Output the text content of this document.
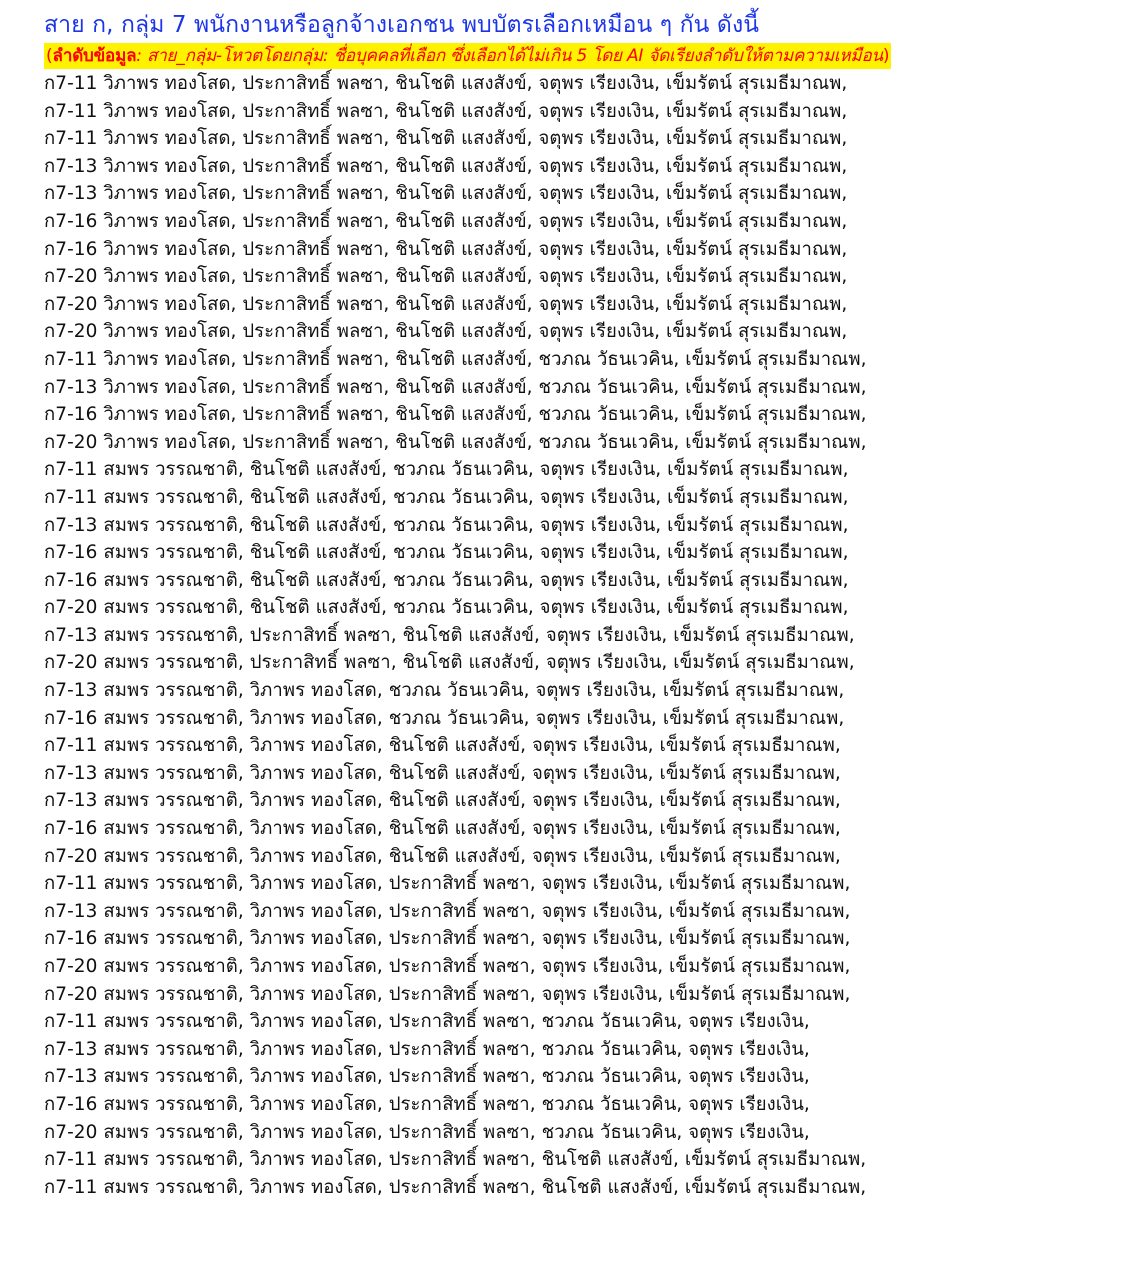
สาย ก, กลุ่ม 7 พนักงานหรือลูกจ้างเอกชน พบบัตรเลือกเหมือน ๆ กัน ดังนี้
(ลำดับข้อมูล: สาย_กลุ่ม-โหวตโดยกลุ่ม: ชื่อบุคคลที่เลือก ซึ่งเลือกได้ไม่เกิน 5 โดย AI จัดเรียงลำดับให้ตามความเหมือน)
ก7-11 วิภาพร ทองโสด, ประกาสิทธิ์ พลซา, ชินโชติ แสงสังข์, จตุพร เรียงเงิน, เข็มรัตน์ สุรเมธีมาณพ,
ก7-11 วิภาพร ทองโสด, ประกาสิทธิ์ พลซา, ชินโชติ แสงสังข์, จตุพร เรียงเงิน, เข็มรัตน์ สุรเมธีมาณพ,
ก7-11 วิภาพร ทองโสด, ประกาสิทธิ์ พลซา, ชินโชติ แสงสังข์, จตุพร เรียงเงิน, เข็มรัตน์ สุรเมธีมาณพ,
ก7-13 วิภาพร ทองโสด, ประกาสิทธิ์ พลซา, ชินโชติ แสงสังข์, จตุพร เรียงเงิน, เข็มรัตน์ สุรเมธีมาณพ,
ก7-13 วิภาพร ทองโสด, ประกาสิทธิ์ พลซา, ชินโชติ แสงสังข์, จตุพร เรียงเงิน, เข็มรัตน์ สุรเมธีมาณพ,
ก7-16 วิภาพร ทองโสด, ประกาสิทธิ์ พลซา, ชินโชติ แสงสังข์, จตุพร เรียงเงิน, เข็มรัตน์ สุรเมธีมาณพ,
ก7-16 วิภาพร ทองโสด, ประกาสิทธิ์ พลซา, ชินโชติ แสงสังข์, จตุพร เรียงเงิน, เข็มรัตน์ สุรเมธีมาณพ,
ก7-20 วิภาพร ทองโสด, ประกาสิทธิ์ พลซา, ชินโชติ แสงสังข์, จตุพร เรียงเงิน, เข็มรัตน์ สุรเมธีมาณพ,
ก7-20 วิภาพร ทองโสด, ประกาสิทธิ์ พลซา, ชินโชติ แสงสังข์, จตุพร เรียงเงิน, เข็มรัตน์ สุรเมธีมาณพ,
ก7-20 วิภาพร ทองโสด, ประกาสิทธิ์ พลซา, ชินโชติ แสงสังข์, จตุพร เรียงเงิน, เข็มรัตน์ สุรเมธีมาณพ,
ก7-11 วิภาพร ทองโสด, ประกาสิทธิ์ พลซา, ชินโชติ แสงสังข์, ชวภณ วัธนเวคิน, เข็มรัตน์ สุรเมธีมาณพ,
ก7-13 วิภาพร ทองโสด, ประกาสิทธิ์ พลซา, ชินโชติ แสงสังข์, ชวภณ วัธนเวคิน, เข็มรัตน์ สุรเมธีมาณพ,
ก7-16 วิภาพร ทองโสด, ประกาสิทธิ์ พลซา, ชินโชติ แสงสังข์, ชวภณ วัธนเวคิน, เข็มรัตน์ สุรเมธีมาณพ,
ก7-20 วิภาพร ทองโสด, ประกาสิทธิ์ พลซา, ชินโชติ แสงสังข์, ชวภณ วัธนเวคิน, เข็มรัตน์ สุรเมธีมาณพ,
ก7-11 สมพร วรรณชาติ, ชินโชติ แสงสังข์, ชวภณ วัธนเวคิน, จตุพร เรียงเงิน, เข็มรัตน์ สุรเมธีมาณพ,
ก7-11 สมพร วรรณชาติ, ชินโชติ แสงสังข์, ชวภณ วัธนเวคิน, จตุพร เรียงเงิน, เข็มรัตน์ สุรเมธีมาณพ,
ก7-13 สมพร วรรณชาติ, ชินโชติ แสงสังข์, ชวภณ วัธนเวคิน, จตุพร เรียงเงิน, เข็มรัตน์ สุรเมธีมาณพ,
ก7-16 สมพร วรรณชาติ, ชินโชติ แสงสังข์, ชวภณ วัธนเวคิน, จตุพร เรียงเงิน, เข็มรัตน์ สุรเมธีมาณพ,
ก7-16 สมพร วรรณชาติ, ชินโชติ แสงสังข์, ชวภณ วัธนเวคิน, จตุพร เรียงเงิน, เข็มรัตน์ สุรเมธีมาณพ,
ก7-20 สมพร วรรณชาติ, ชินโชติ แสงสังข์, ชวภณ วัธนเวคิน, จตุพร เรียงเงิน, เข็มรัตน์ สุรเมธีมาณพ,
ก7-13 สมพร วรรณชาติ, ประกาสิทธิ์ พลซา, ชินโชติ แสงสังข์, จตุพร เรียงเงิน, เข็มรัตน์ สุรเมธีมาณพ,
ก7-20 สมพร วรรณชาติ, ประกาสิทธิ์ พลซา, ชินโชติ แสงสังข์, จตุพร เรียงเงิน, เข็มรัตน์ สุรเมธีมาณพ,
ก7-13 สมพร วรรณชาติ, วิภาพร ทองโสด, ชวภณ วัธนเวคิน, จตุพร เรียงเงิน, เข็มรัตน์ สุรเมธีมาณพ,
ก7-16 สมพร วรรณชาติ, วิภาพร ทองโสด, ชวภณ วัธนเวคิน, จตุพร เรียงเงิน, เข็มรัตน์ สุรเมธีมาณพ,
ก7-11 สมพร วรรณชาติ, วิภาพร ทองโสด, ชินโชติ แสงสังข์, จตุพร เรียงเงิน, เข็มรัตน์ สุรเมธีมาณพ,
ก7-13 สมพร วรรณชาติ, วิภาพร ทองโสด, ชินโชติ แสงสังข์, จตุพร เรียงเงิน, เข็มรัตน์ สุรเมธีมาณพ,
ก7-13 สมพร วรรณชาติ, วิภาพร ทองโสด, ชินโชติ แสงสังข์, จตุพร เรียงเงิน, เข็มรัตน์ สุรเมธีมาณพ,
ก7-16 สมพร วรรณชาติ, วิภาพร ทองโสด, ชินโชติ แสงสังข์, จตุพร เรียงเงิน, เข็มรัตน์ สุรเมธีมาณพ,
ก7-20 สมพร วรรณชาติ, วิภาพร ทองโสด, ชินโชติ แสงสังข์, จตุพร เรียงเงิน, เข็มรัตน์ สุรเมธีมาณพ,
ก7-11 สมพร วรรณชาติ, วิภาพร ทองโสด, ประกาสิทธิ์ พลซา, จตุพร เรียงเงิน, เข็มรัตน์ สุรเมธีมาณพ,
ก7-13 สมพร วรรณชาติ, วิภาพร ทองโสด, ประกาสิทธิ์ พลซา, จตุพร เรียงเงิน, เข็มรัตน์ สุรเมธีมาณพ,
ก7-16 สมพร วรรณชาติ, วิภาพร ทองโสด, ประกาสิทธิ์ พลซา, จตุพร เรียงเงิน, เข็มรัตน์ สุรเมธีมาณพ,
ก7-20 สมพร วรรณชาติ, วิภาพร ทองโสด, ประกาสิทธิ์ พลซา, จตุพร เรียงเงิน, เข็มรัตน์ สุรเมธีมาณพ,
ก7-20 สมพร วรรณชาติ, วิภาพร ทองโสด, ประกาสิทธิ์ พลซา, จตุพร เรียงเงิน, เข็มรัตน์ สุรเมธีมาณพ,
ก7-11 สมพร วรรณชาติ, วิภาพร ทองโสด, ประกาสิทธิ์ พลซา, ชวภณ วัธนเวคิน, จตุพร เรียงเงิน,
ก7-13 สมพร วรรณชาติ, วิภาพร ทองโสด, ประกาสิทธิ์ พลซา, ชวภณ วัธนเวคิน, จตุพร เรียงเงิน,
ก7-13 สมพร วรรณชาติ, วิภาพร ทองโสด, ประกาสิทธิ์ พลซา, ชวภณ วัธนเวคิน, จตุพร เรียงเงิน,
ก7-16 สมพร วรรณชาติ, วิภาพร ทองโสด, ประกาสิทธิ์ พลซา, ชวภณ วัธนเวคิน, จตุพร เรียงเงิน,
ก7-20 สมพร วรรณชาติ, วิภาพร ทองโสด, ประกาสิทธิ์ พลซา, ชวภณ วัธนเวคิน, จตุพร เรียงเงิน,
ก7-11 สมพร วรรณชาติ, วิภาพร ทองโสด, ประกาสิทธิ์ พลซา, ชินโชติ แสงสังข์, เข็มรัตน์ สุรเมธีมาณพ,
ก7-11 สมพร วรรณชาติ, วิภาพร ทองโสด, ประกาสิทธิ์ พลซา, ชินโชติ แสงสังข์, เข็มรัตน์ สุรเมธีมาณพ,
